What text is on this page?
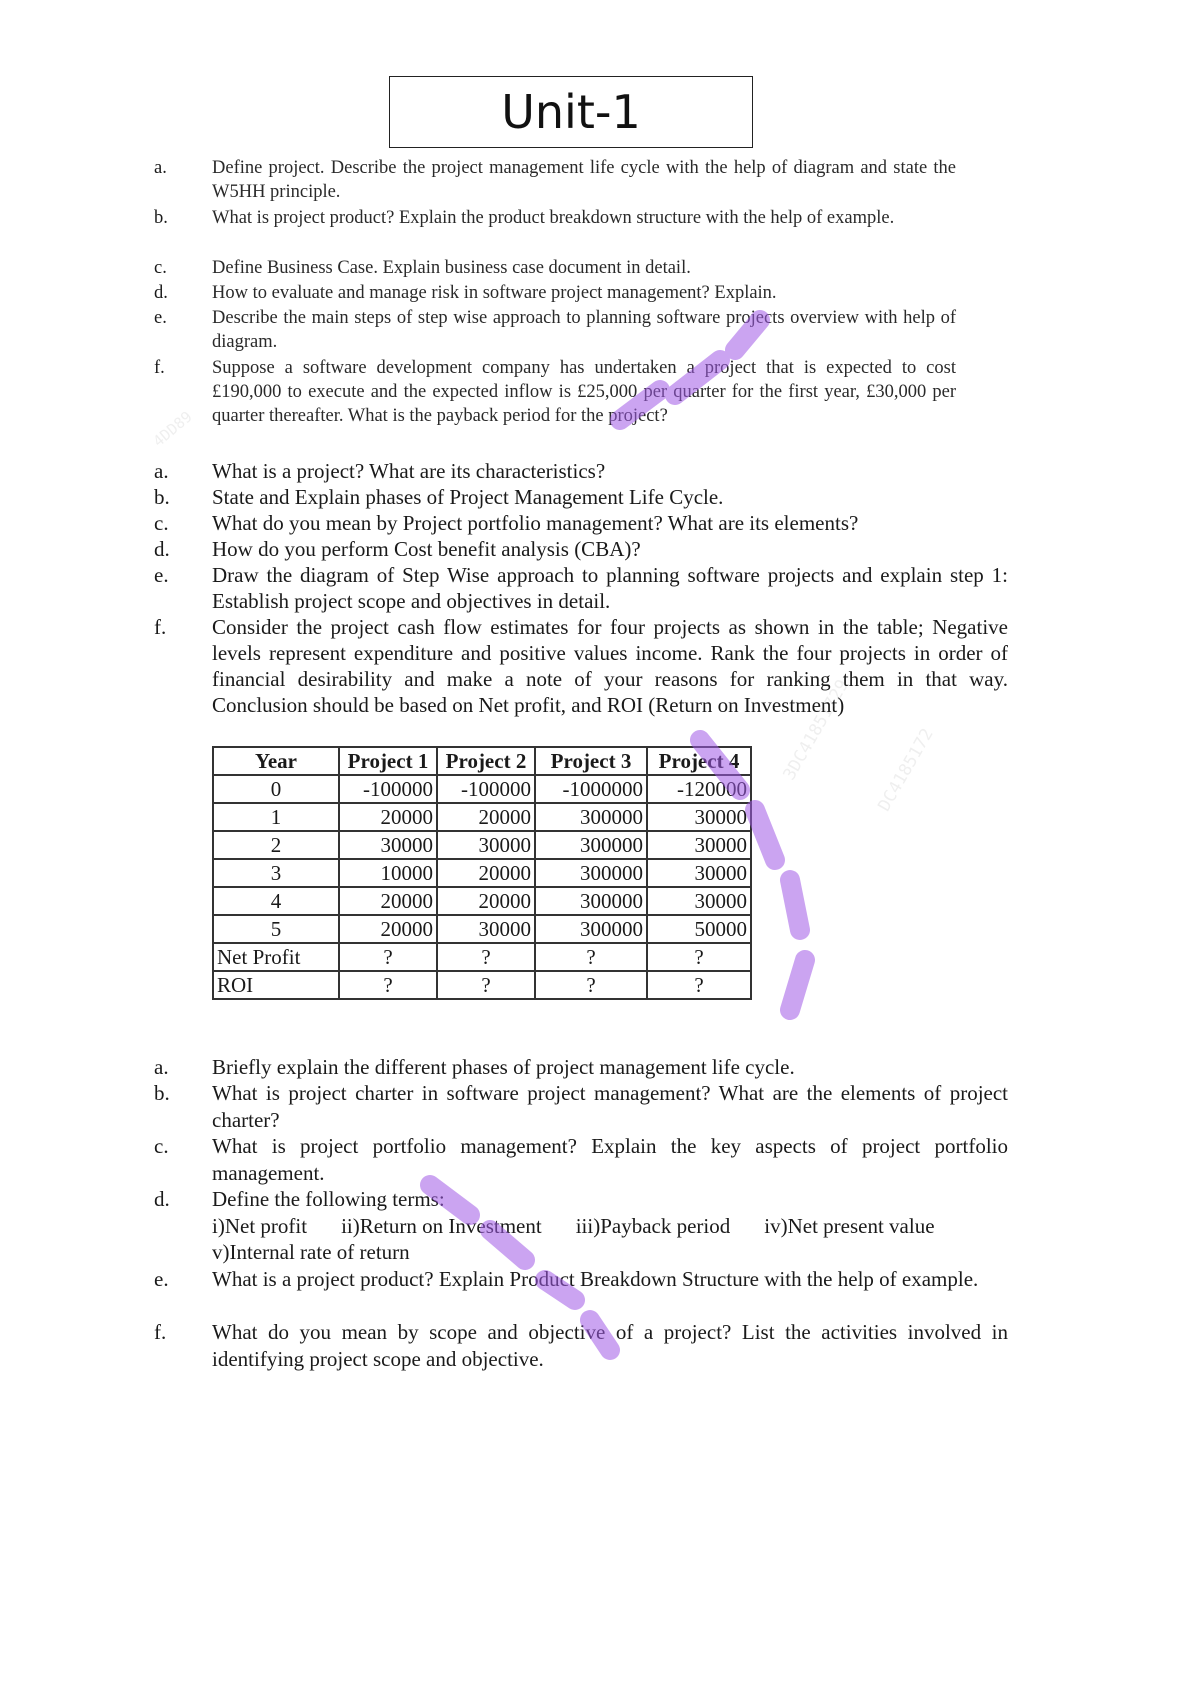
Unit-1
a. Define project. Describe the project management life cycle with the help of diagram and state the W5HH principle.
b. What is project product? Explain the product breakdown structure with the help of example.
c. Define Business Case. Explain business case document in detail.
d. How to evaluate and manage risk in software project management? Explain.
e. Describe the main steps of step wise approach to planning software projects overview with help of diagram.
f.	Suppose a software development company has undertaken a project that is expected to cost £190,000 to execute and the expected inflow is £25,000 per quarter for the first year, £30,000 per quarter thereafter. What is the payback period for the project?
a. What is a project? What are its characteristics?
b. State and Explain phases of Project Management Life Cycle.
c. What do you mean by Project portfolio management? What are its elements?
d. How do you perform Cost benefit analysis (CBA)?
e. Draw the diagram of Step Wise approach to planning software projects and explain step 1: Establish project scope and objectives in detail.
f. Consider the project cash flow estimates for four projects as shown in the table; Negative levels represent expenditure and positive values income. Rank the four projects in order of financial desirability and make a note of your reasons for ranking them in that way. Conclusion should be based on Net profit, and ROI (Return on Investment)
Year	Project 1	Project 2	Project 3	Project 4
0	-100000	-100000	-1000000	-120000
1	20000	20000	300000	30000
2	30000	30000	300000	30000
3	10000	20000	300000	30000
4	20000	20000	300000	30000
5	20000	30000	300000	50000
Net Profit	?	?	?	?
ROI	?	?	?	?
a. Briefly explain the different phases of project management life cycle.
b. What is project charter in software project management? What are the elements of project charter?
c. What is project portfolio management? Explain the key aspects of project portfolio management.
d. Define the following terms:
i)Net profit ii)Return on Investment iii)Payback period iv)Net present value v)Internal rate of return
e. What is a project product? Explain Product Breakdown Structure with the help of example.
f. What do you mean by scope and objective of a project? List the activities involved in identifying project scope and objective.
4DD89
3DC41851729 DC4185172
